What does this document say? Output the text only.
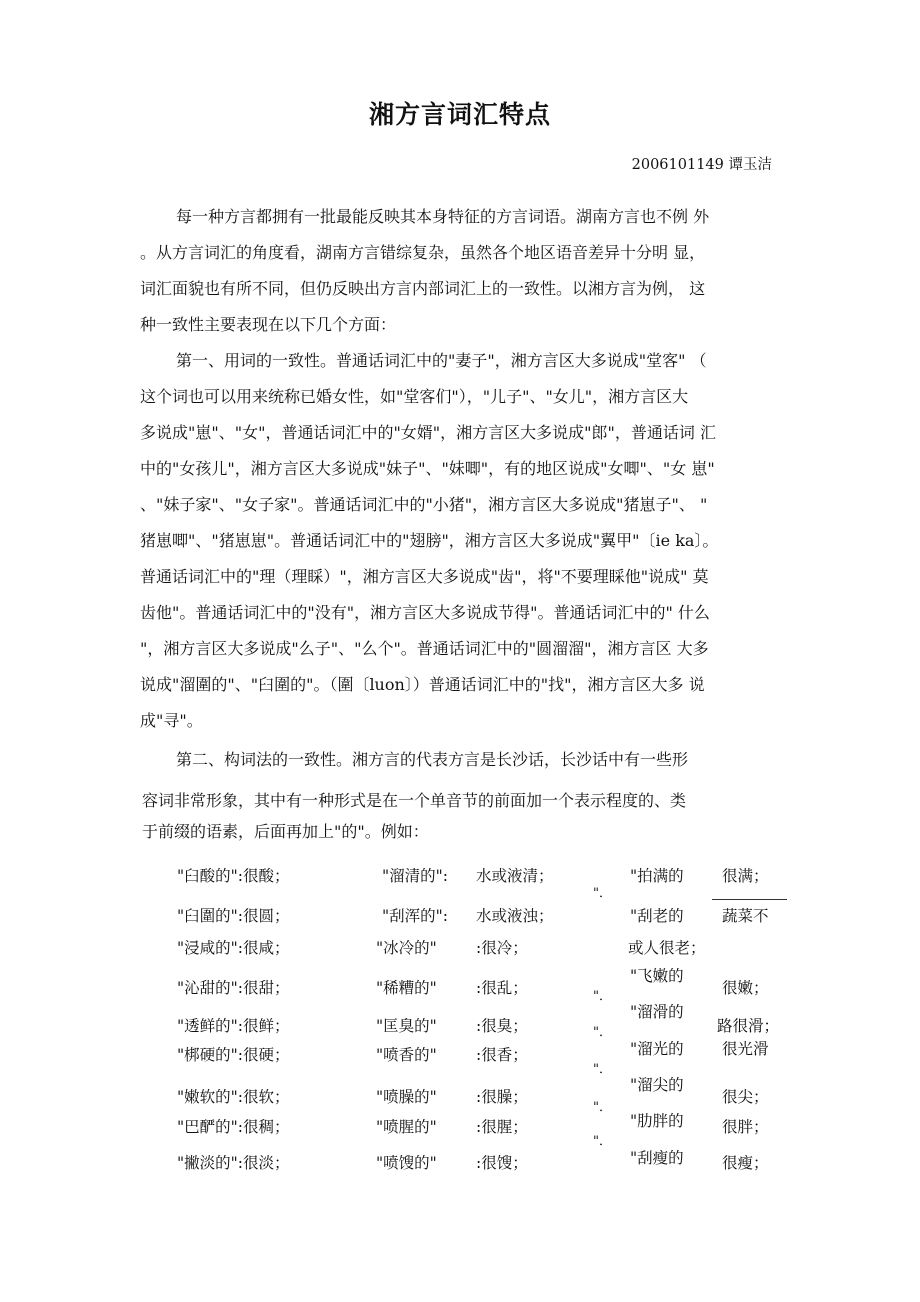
湘方言词汇特点
2006101149 谭玉洁
每一种方言都拥有一批最能反映其本身特征的方言词语。湖南方言也不例 外
。从方言词汇的角度看，湖南方言错综复杂，虽然各个地区语音差异十分明 显，
词汇面貌也有所不同，但仍反映出方言内部词汇上的一致性。以湘方言为例， 这
种一致性主要表现在以下几个方面：
第一、用词的一致性。普通话词汇中的"妻子"，湘方言区大多说成"堂客" （
这个词也可以用来统称已婚女性，如"堂客们"），"儿子"、"女儿"，湘方言区大
多说成"崽"、"女"，普通话词汇中的"女婿"，湘方言区大多说成"郎"，普通话词 汇
中的"女孩儿"，湘方言区大多说成"妹子"、"妹唧"，有的地区说成"女唧"、"女 崽"
、"妹子家"、"女子家"。普通话词汇中的"小猪"，湘方言区大多说成"猪崽子"、 "
猪崽唧"、"猪崽崽"。普通话词汇中的"翅膀"，湘方言区大多说成"翼甲"〔ie ka〕。
普通话词汇中的"理（理睬）"，湘方言区大多说成"齿"，将"不要理睬他"说成" 莫
齿他"。普通话词汇中的"没有"，湘方言区大多说成节得"。普通话词汇中的" 什么
"，湘方言区大多说成"么子"、"么个"。普通话词汇中的"圆溜溜"，湘方言区 大多
说成"溜圍的"、"臼圍的"。（圍〔luon〕）普通话词汇中的"找"，湘方言区大多 说
成"寻"。
第二、构词法的一致性。湘方言的代表方言是长沙话，长沙话中有一些形
容词非常形象，其中有一种形式是在一个单音节的前面加一个表示程度的、类
于前缀的语素，后面再加上"的"。例如：
"臼酸的":很酸；
"臼圍的":很圆；
"浸咸的":很咸；
"沁甜的":很甜；
"透鲜的":很鲜；
"梆硬的":很硬；
"嫩软的":很软；
"巴酽的":很稠；
"撇淡的":很淡；
"溜清的":
"刮浑的":
"冰冷的"
"稀糟的"
"匡臭的"
"喷香的"
"喷臊的"
"喷腥的"
"喷馊的"
水或液清；
水或液浊；
:很冷；
:很乱；
:很臭；
:很香；
:很臊；
:很腥；
:很馊；
"．
"．
"．
"．
"．
"．
"拍满的
"刮老的
或人很老；
"飞嫩的
"溜滑的
"溜光的
"溜尖的
"肋胖的
"刮瘦的
很满；
蔬菜不
很嫩；
路很滑；
很光滑
很尖；
很胖；
很瘦；
